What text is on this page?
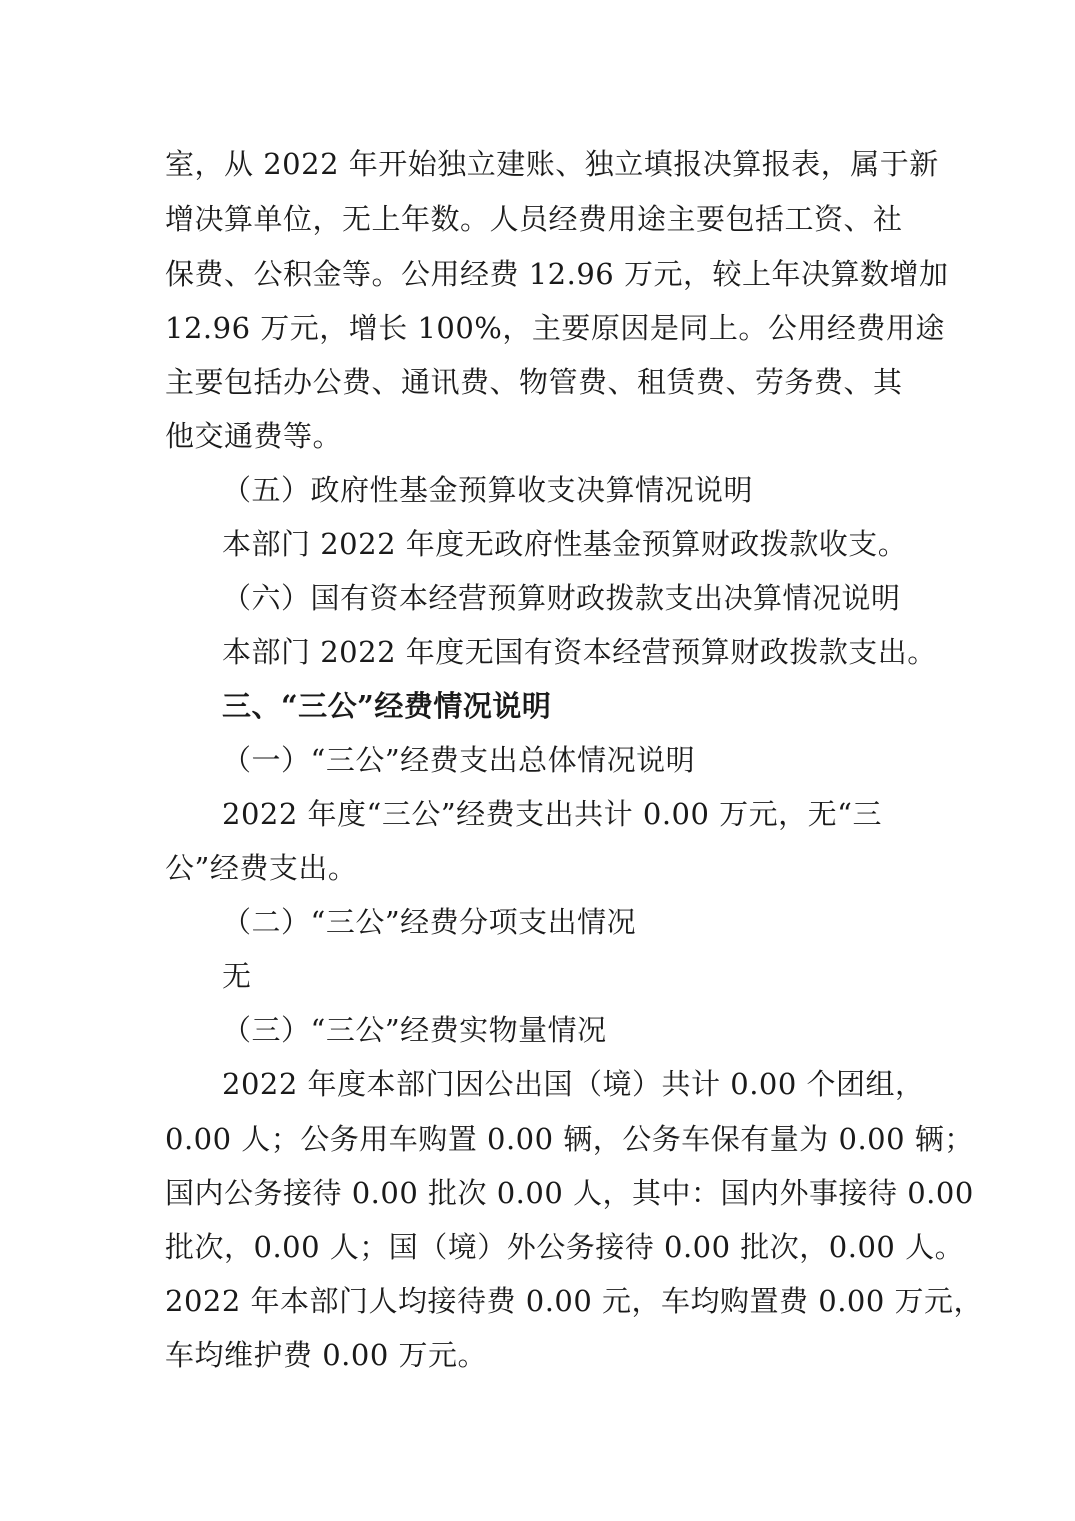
室，从 2022 年开始独立建账、独立填报决算报表，属于新
增决算单位，无上年数。人员经费用途主要包括工资、社
保费、公积金等。公用经费 12.96 万元，较上年决算数增加
12.96 万元，增长 100%，主要原因是同上。公用经费用途
主要包括办公费、通讯费、物管费、租赁费、劳务费、其
他交通费等。
（五）政府性基金预算收支决算情况说明
本部门 2022 年度无政府性基金预算财政拨款收支。
（六）国有资本经营预算财政拨款支出决算情况说明
本部门 2022 年度无国有资本经营预算财政拨款支出。
三、“三公”经费情况说明
（一）“三公”经费支出总体情况说明
2022 年度“三公”经费支出共计 0.00 万元，无“三
公”经费支出。
（二）“三公”经费分项支出情况
无
（三）“三公”经费实物量情况
2022 年度本部门因公出国（境）共计 0.00 个团组，
0.00 人；公务用车购置 0.00 辆，公务车保有量为 0.00 辆；
国内公务接待 0.00 批次 0.00 人，其中：国内外事接待 0.00
批次，0.00 人；国（境）外公务接待 0.00 批次，0.00 人。
2022 年本部门人均接待费 0.00 元，车均购置费 0.00 万元，
车均维护费 0.00 万元。
